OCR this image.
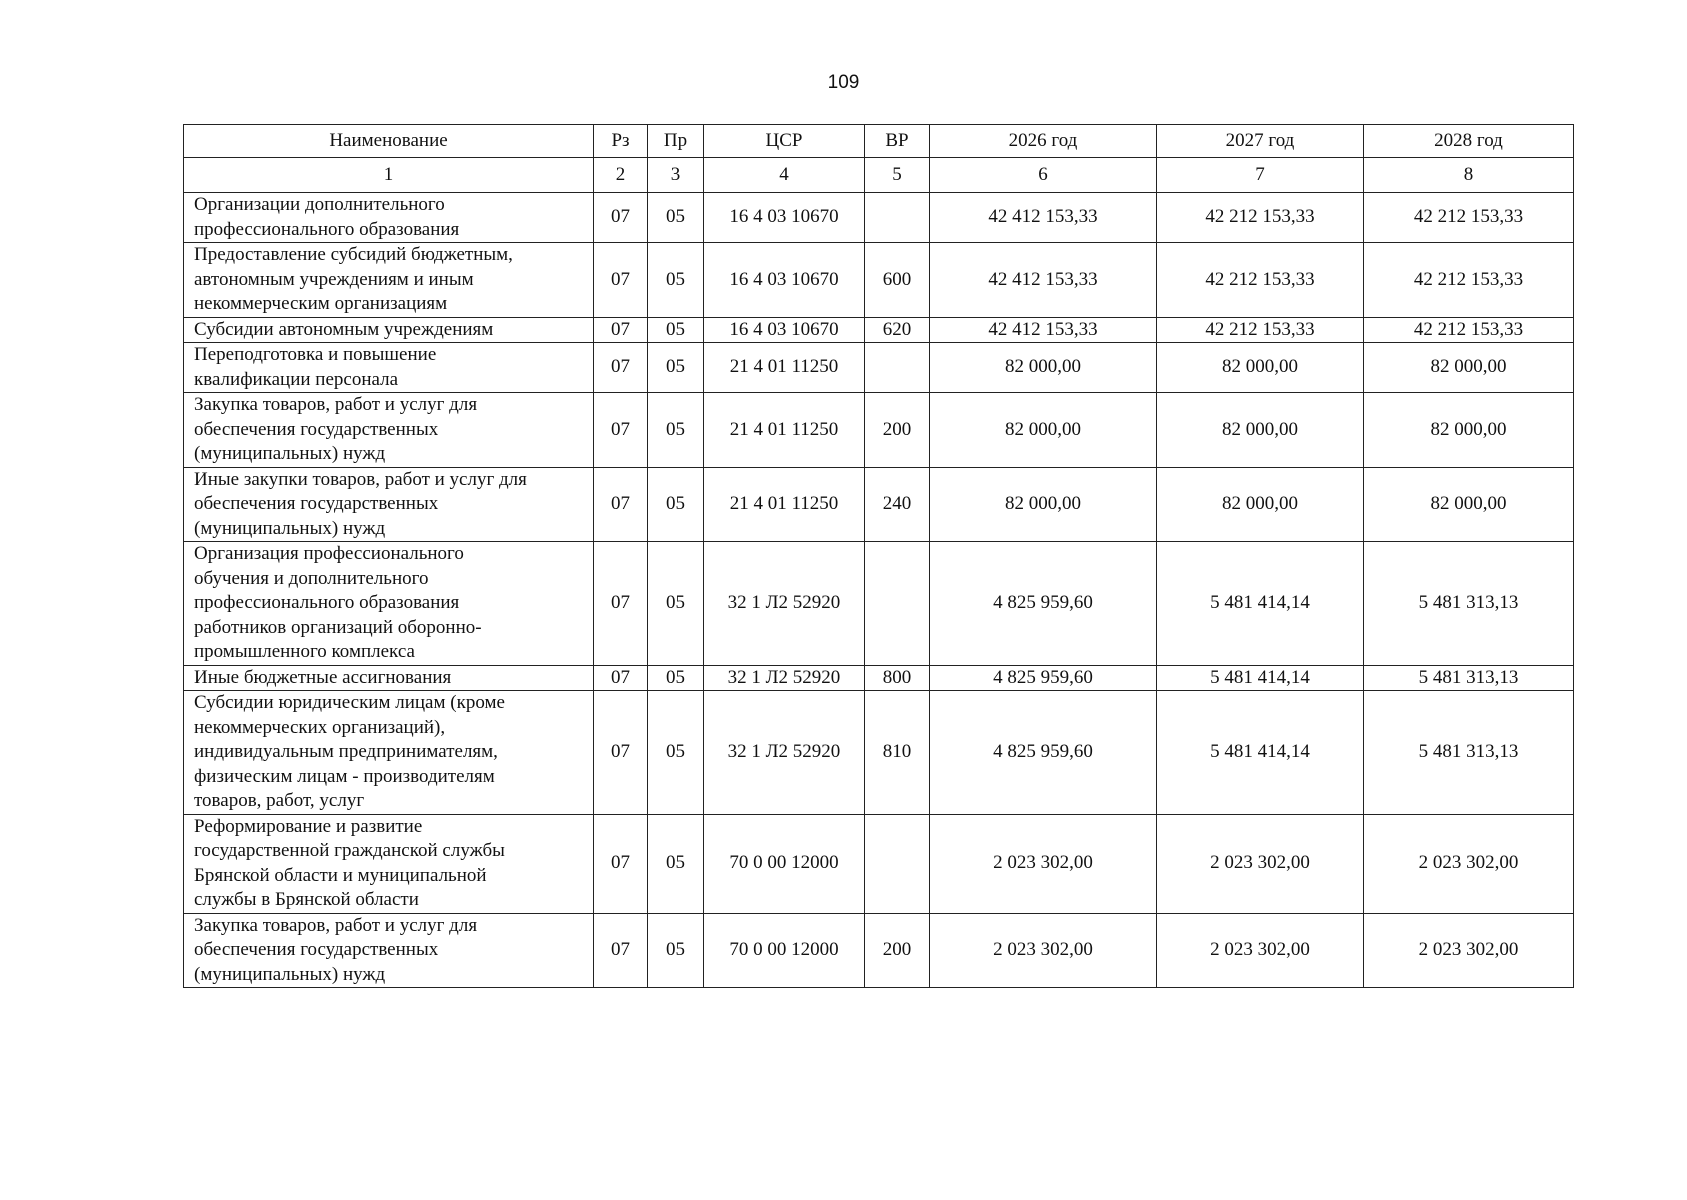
109
Наименование	Рз	Пр	ЦСР	ВР	2026 год	2027 год	2028 год
1	2	3	4	5	6	7	8
Организации дополнительного
профессионального образования	07	05	16 4 03 10670		42 412 153,33	42 212 153,33	42 212 153,33
Предоставление субсидий бюджетным,
автономным учреждениям и иным
некоммерческим организациям	07	05	16 4 03 10670	600	42 412 153,33	42 212 153,33	42 212 153,33
Субсидии автономным учреждениям	07	05	16 4 03 10670	620	42 412 153,33	42 212 153,33	42 212 153,33
Переподготовка и повышение
квалификации персонала	07	05	21 4 01 11250		82 000,00	82 000,00	82 000,00
Закупка товаров, работ и услуг для
обеспечения государственных
(муниципальных) нужд	07	05	21 4 01 11250	200	82 000,00	82 000,00	82 000,00
Иные закупки товаров, работ и услуг для
обеспечения государственных
(муниципальных) нужд	07	05	21 4 01 11250	240	82 000,00	82 000,00	82 000,00
Организация профессионального
обучения и дополнительного
профессионального образования
работников организаций оборонно-
промышленного комплекса	07	05	32 1 Л2 52920		4 825 959,60	5 481 414,14	5 481 313,13
Иные бюджетные ассигнования	07	05	32 1 Л2 52920	800	4 825 959,60	5 481 414,14	5 481 313,13
Субсидии юридическим лицам (кроме
некоммерческих организаций),
индивидуальным предпринимателям,
физическим лицам - производителям
товаров, работ, услуг	07	05	32 1 Л2 52920	810	4 825 959,60	5 481 414,14	5 481 313,13
Реформирование и развитие
государственной гражданской службы
Брянской области и муниципальной
службы в Брянской области	07	05	70 0 00 12000		2 023 302,00	2 023 302,00	2 023 302,00
Закупка товаров, работ и услуг для
обеспечения государственных
(муниципальных) нужд	07	05	70 0 00 12000	200	2 023 302,00	2 023 302,00	2 023 302,00
